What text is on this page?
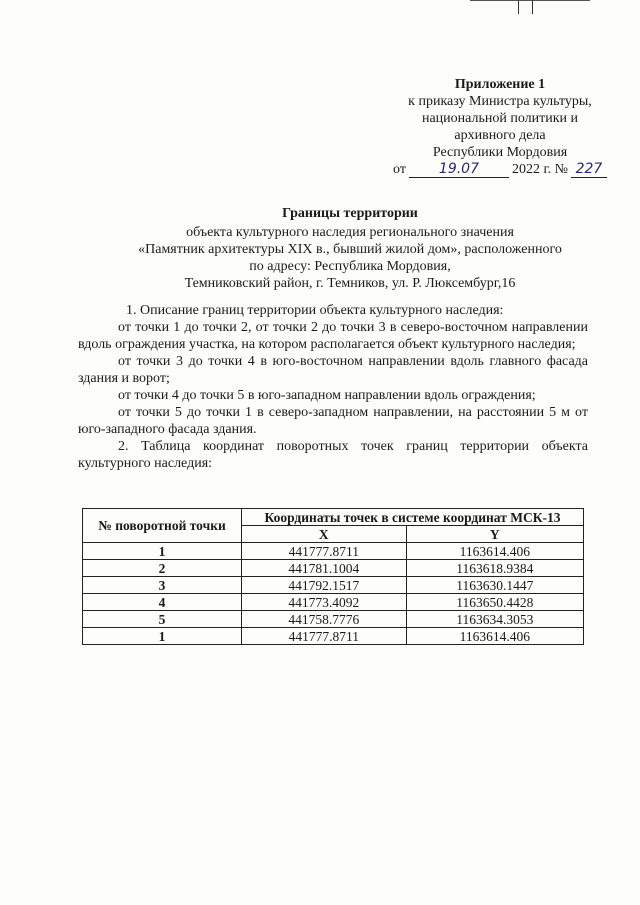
Приложение 1
к приказу Министра культуры,
национальной политики и
архивного дела
Республики Мордовия
от	19.07	2022 г. № 227
Границы территории
объекта культурного наследия регионального значения
«Памятник архитектуры XIX в., бывший жилой дом», расположенного
по адресу: Республика Мордовия,
Темниковский район, г. Темников, ул. Р. Люксембург,16

1. Описание границ территории объекта культурного наследия:

от точки 1 до точки 2, от точки 2 до точки 3 в северо-восточном направлении вдоль ограждения участка, на котором располагается объект культурного наследия;

от точки 3 до точки 4 в юго-восточном направлении вдоль главного фасада здания и ворот;

от точки 4 до точки 5 в юго-западном направлении вдоль ограждения;

от точки 5 до точки 1 в северо-западном направлении, на расстоянии 5 м от юго-западного фасада здания.

2. Таблица координат поворотных точек границ территории объекта культурного наследия:

№ поворотной точки	Координаты точек в системе координат МСК-13	
	X	Y
1	441777.8711	1163614.406
2	441781.1004	1163618.9384
3	441792.1517	1163630.1447
4	441773.4092	1163650.4428
5	441758.7776	1163634.3053
1	441777.8711	1163614.406
